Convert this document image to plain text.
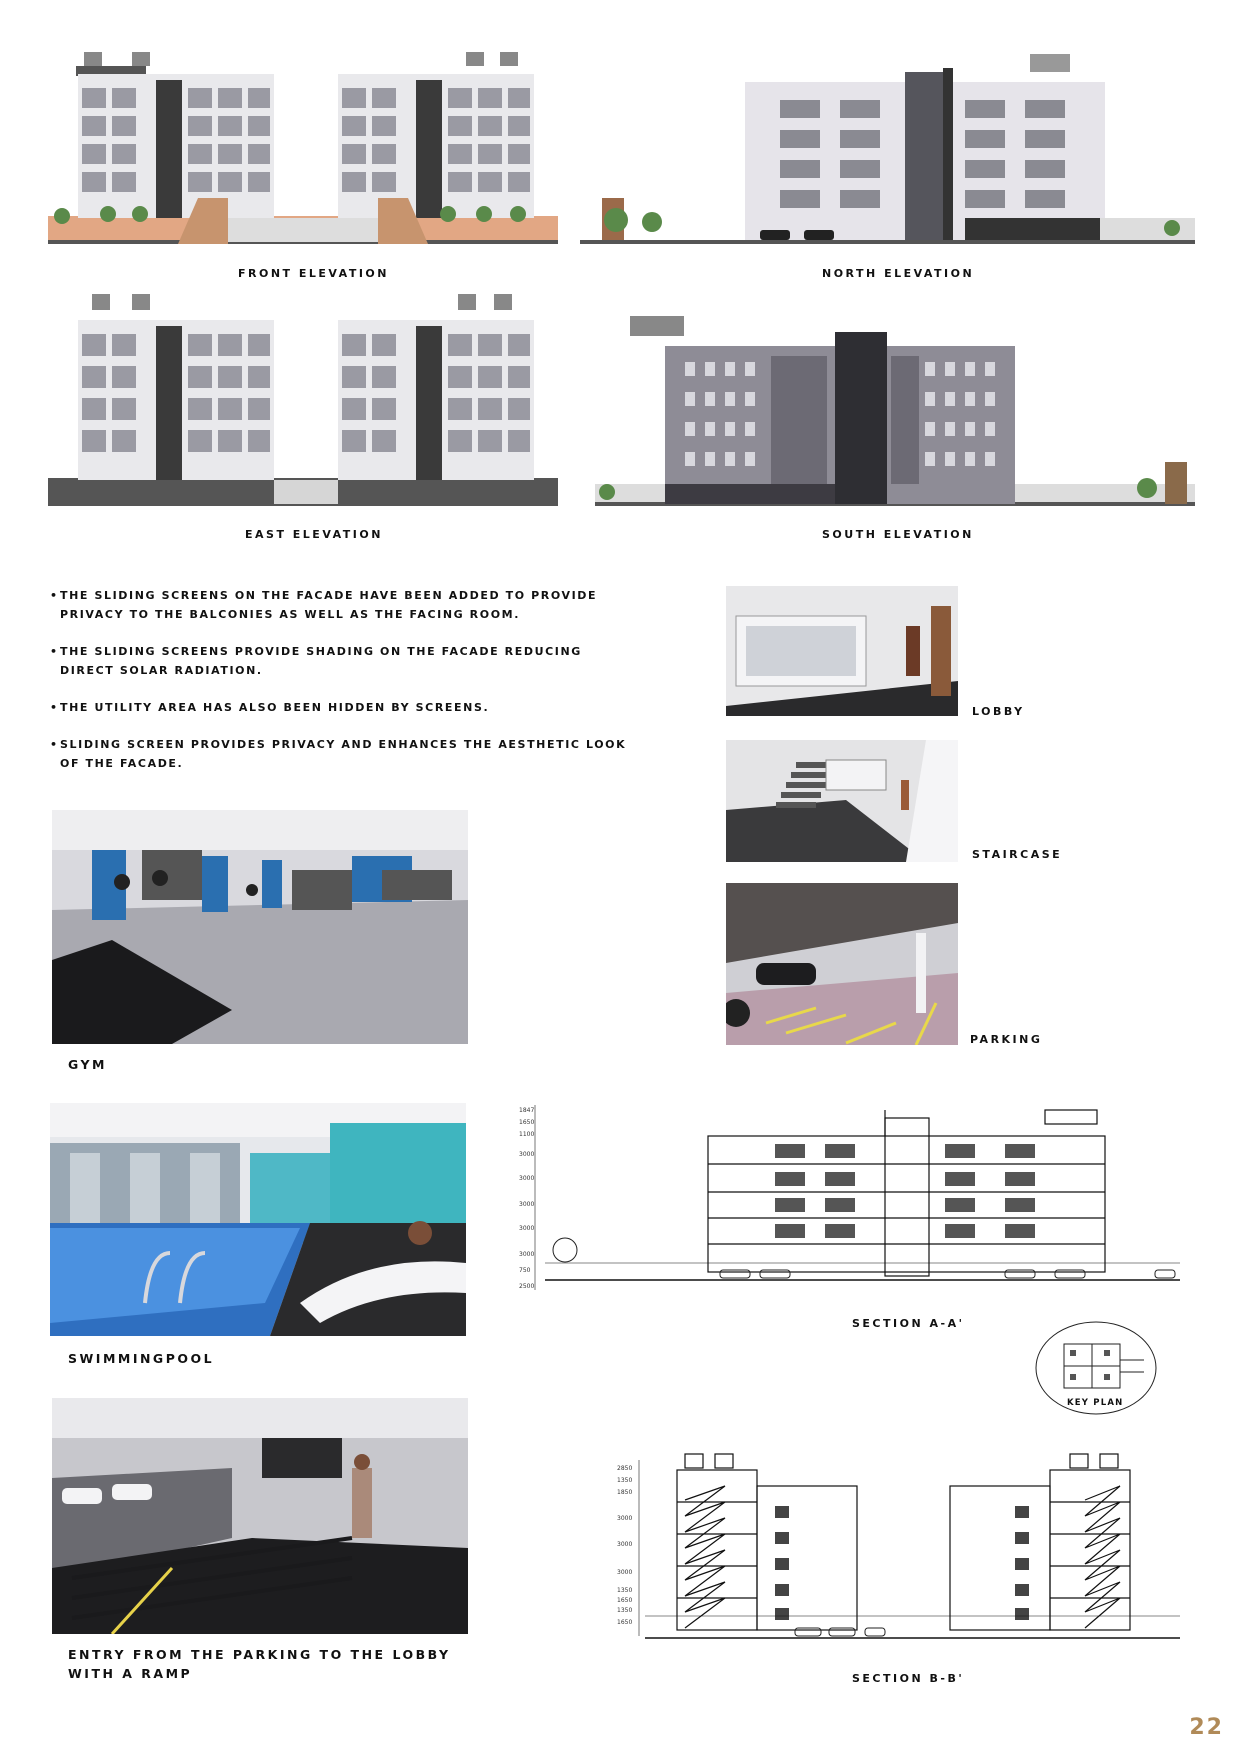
FRONT ELEVATION	NORTH ELEVATION
EAST ELEVATION	SOUTH ELEVATION
• THE SLIDING SCREENS ON THE FACADE HAVE BEEN ADDED TO PROVIDE PRIVACY TO THE BALCONIES AS WELL AS THE FACING ROOM.
• THE SLIDING SCREENS PROVIDE SHADING ON THE FACADE REDUCING DIRECT SOLAR RADIATION.
• THE UTILITY AREA HAS ALSO BEEN HIDDEN BY SCREENS.
• SLIDING SCREEN PROVIDES PRIVACY AND ENHANCES THE AESTHETIC LOOK OF THE FACADE.
LOBBY
STAIRCASE
PARKING
GYM
SWIMMINGPOOL
ENTRY FROM THE PARKING TO THE LOBBY
WITH A RAMP
1847
1650
1100
3000
3000
3000
3000
3000
750
2500
SECTION A-A'
KEY PLAN
2850
1350
1850
3000
3000
3000
1350
1650
1350
1650
SECTION B-B'
22
